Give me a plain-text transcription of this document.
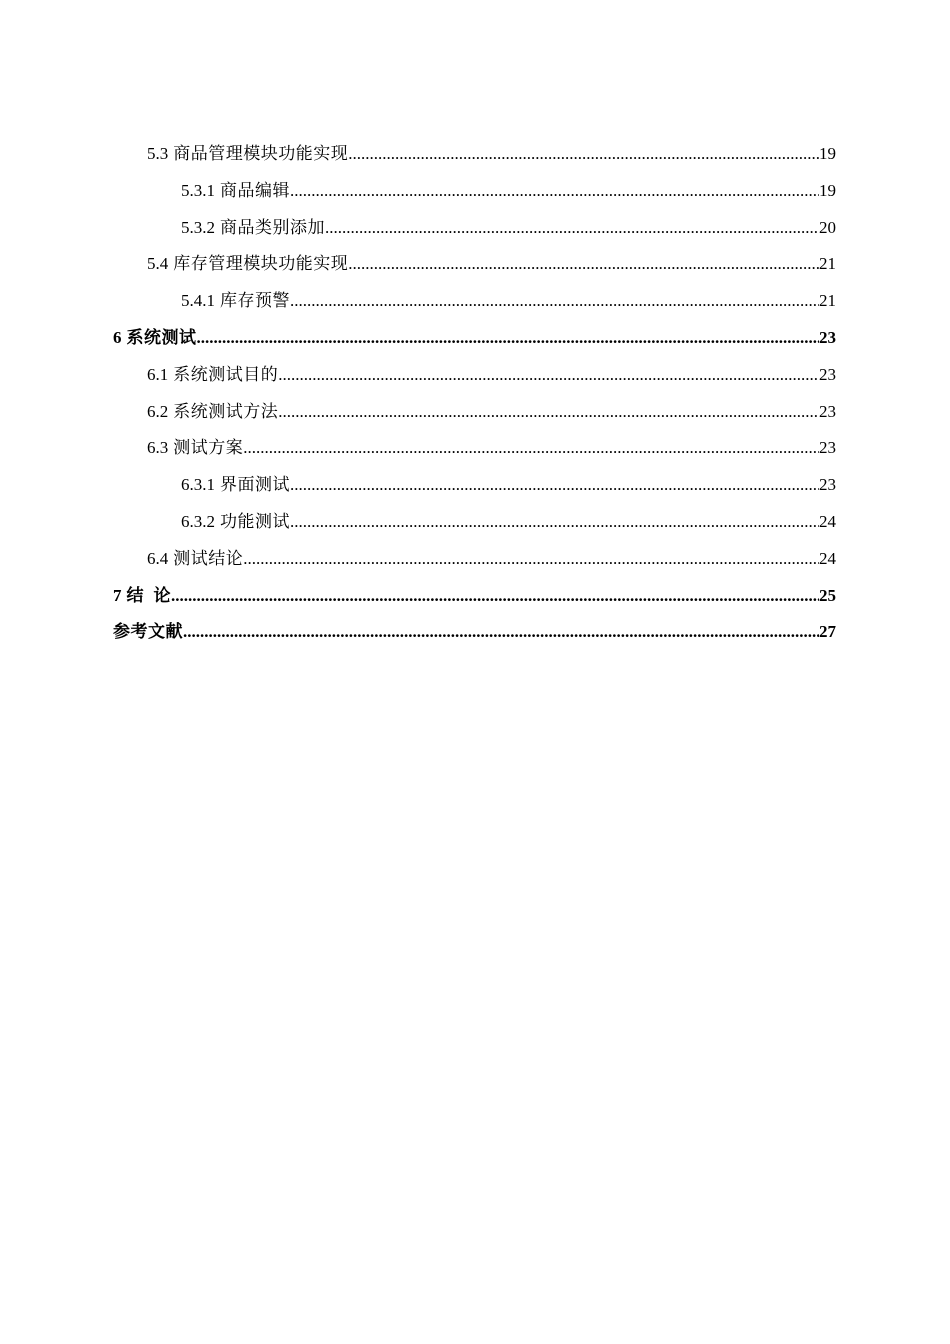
5.3 商品管理模块功能实现 .....	19
5.3.1 商品编辑 .....	19
5.3.2 商品类别添加 .....	20
5.4 库存管理模块功能实现 .....	21
5.4.1 库存预警 .....	21
6 系统测试 .....	23
6.1 系统测试目的 .....	23
6.2 系统测试方法 .....	23
6.3 测试方案 .....	23
6.3.1 界面测试 .....	23
6.3.2 功能测试 .....	24
6.4 测试结论 .....	24
7 结  论 .....	25
参考文献 .....	27
